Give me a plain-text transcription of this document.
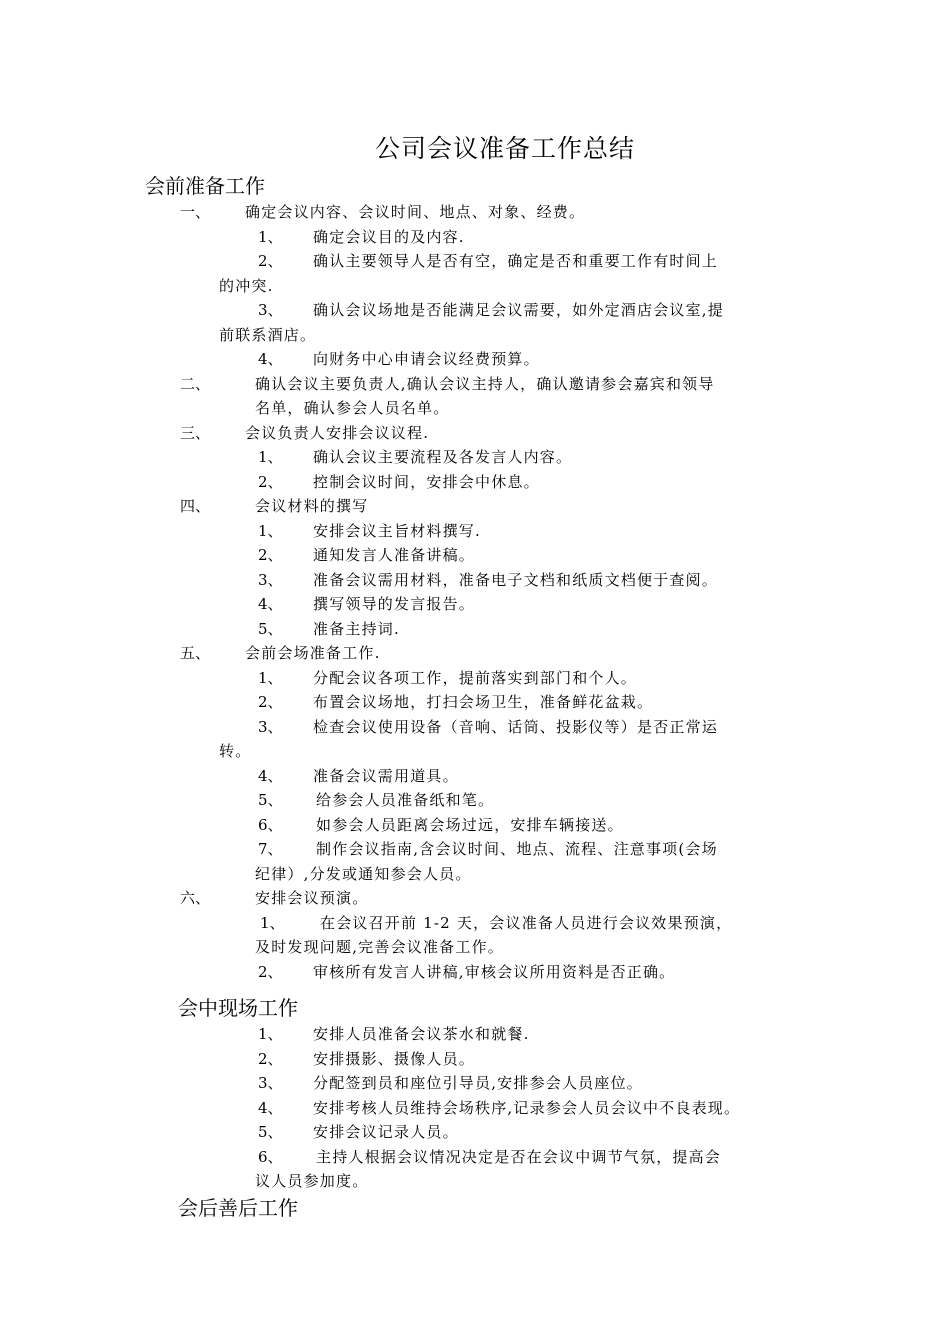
公司会议准备工作总结
会前准备工作
一、 确定会议内容、会议时间、地点、对象、经费。
1、 确定会议目的及内容.
2、 确认主要领导人是否有空，确定是否和重要工作有时间上
的冲突.
3、 确认会议场地是否能满足会议需要，如外定酒店会议室,提
前联系酒店。
4、 向财务中心申请会议经费预算。
二、	确认会议主要负责人,确认会议主持人，确认邀请参会嘉宾和领导
名单，确认参会人员名单。
三、 会议负责人安排会议议程.
1、 确认会议主要流程及各发言人内容。
2、 控制会议时间，安排会中休息。
四、	会议材料的撰写
1、 安排会议主旨材料撰写.
2、 通知发言人准备讲稿。
3、 准备会议需用材料，准备电子文档和纸质文档便于查阅。
4、 撰写领导的发言报告。
5、 准备主持词.
五、 会前会场准备工作.
1、 分配会议各项工作，提前落实到部门和个人。
2、 布置会议场地，打扫会场卫生，准备鲜花盆栽。
3、 检查会议使用设备（音响、话筒、投影仪等）是否正常运
转。
4、 准备会议需用道具。
5、 给参会人员准备纸和笔。
6、 如参会人员距离会场过远，安排车辆接送。
7、 制作会议指南,含会议时间、地点、流程、注意事项(会场
纪律）,分发或通知参会人员。
六、	安排会议预演。
1、 在会议召开前 1-2 天，会议准备人员进行会议效果预演，
及时发现问题,完善会议准备工作。
2、 审核所有发言人讲稿,审核会议所用资料是否正确。
会中现场工作
1、 安排人员准备会议茶水和就餐.
2、 安排摄影、摄像人员。
3、 分配签到员和座位引导员,安排参会人员座位。
4、 安排考核人员维持会场秩序,记录参会人员会议中不良表现。
5、 安排会议记录人员。
6、 主持人根据会议情况决定是否在会议中调节气氛，提高会
议人员参加度。
会后善后工作
